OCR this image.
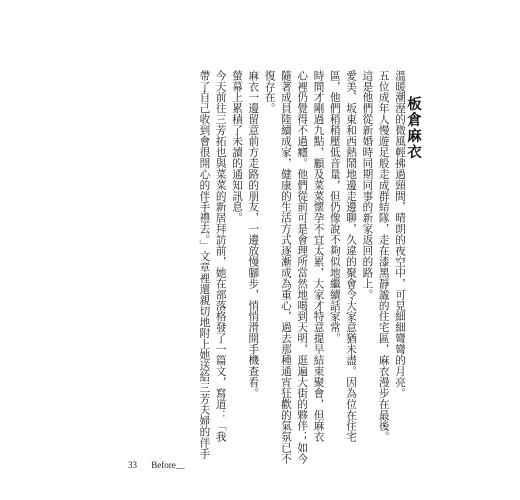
板倉麻衣
溫暖潮溼的微風輕拂過頸間，晴朗的夜空中，可見細細彎彎的月亮。
五位成年人慢遊足般走成群結隊，走在漆黑靜謐的住宅區，麻衣漫步在最後。
這是他們從新婚時同期同事的新家返回的路上。
愛美、坂東和西熱鬧地邊走邊聊，久違的聚會令大家意猶未盡。因為位在住宅
區，他們稍稍壓低音量，但仍像說不夠似地繼續話家常。
時間才剛過九點，顧及菜菜懷孕不宜太累，大家才特意提早結束聚會，但麻衣
心裡仍覺得不過癮。他們從前可是會理所當然地喝到天明，逛遍大街的夥伴；如今
隨著成員陸續成家，健康的生活方式逐漸成為重心，過去那種通宵狂歡的氣氛已不
復存在。
麻衣一邊留意前方走路的朋友，一邊放慢腳步，悄悄滑開手機查看。
螢幕上累積了未讀的通知訊息。
今天前往三芳拓也與菜菜的新居拜訪前，她在部落格發了一篇文，寫道：「我
帶了自己收到會很開心的伴手禮去。」文章裡還親切地附上她送給三芳夫婦的伴手
33 Before__
